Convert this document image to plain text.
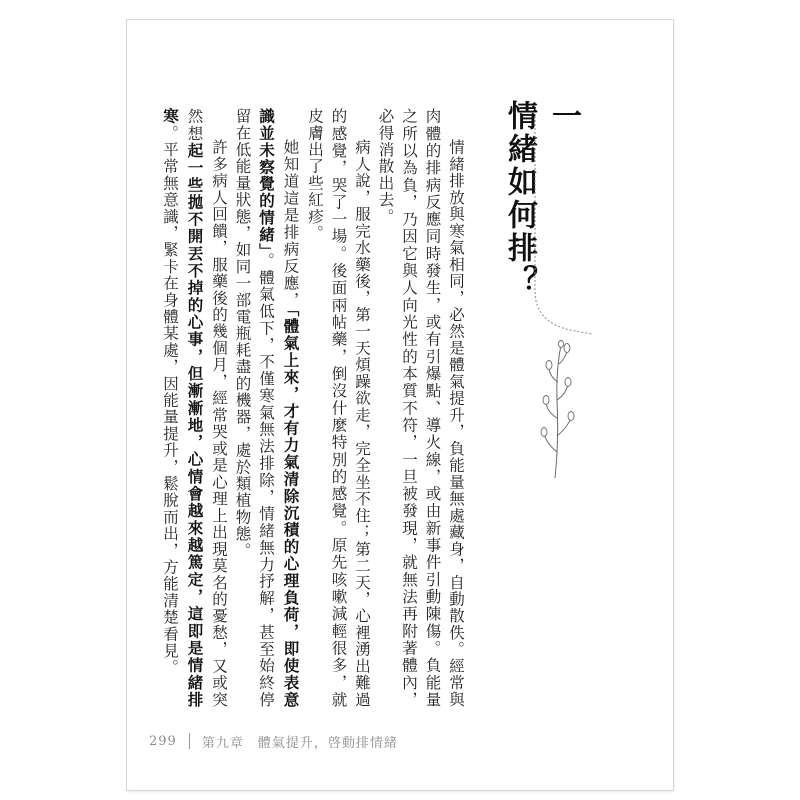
一
情緒如何排？

情緒排放與寒氣相同，必然是體氣提升，負能量無處藏身，自動散佚。經常與肉體的排病反應同時發生，或有引爆點、導火線，或由新事件引動陳傷。負能量之所以為負，乃因它與人向光性的本質不符，一旦被發現，就無法再附著體內，必得消散出去。

病人說，服完水藥後，第一天煩躁欲走，完全坐不住；第二天，心裡湧出難過的感覺，哭了一場。後面兩帖藥，倒沒什麼特別的感覺。原先咳嗽減輕很多，就皮膚出了些紅疹。

她知道這是排病反應，「體氣上來，才有力氣清除沉積的心理負荷，即使表意識並未察覺的情緒」。體氣低下，不僅寒氣無法排除，情緒無力抒解，甚至始終停留在低能量狀態，如同一部電瓶耗盡的機器，處於類植物態。

許多病人回饋，服藥後的幾個月，經常哭或是心理上出現莫名的憂愁，又或突然想起一些拋不開丟不掉的心事，但漸漸地，心情會越來越篤定，這即是情緒排寒。平常無意識，緊卡在身體某處，因能量提升，鬆脫而出，方能清楚看見。

299 第九章　體氣提升，啓動排情緒
